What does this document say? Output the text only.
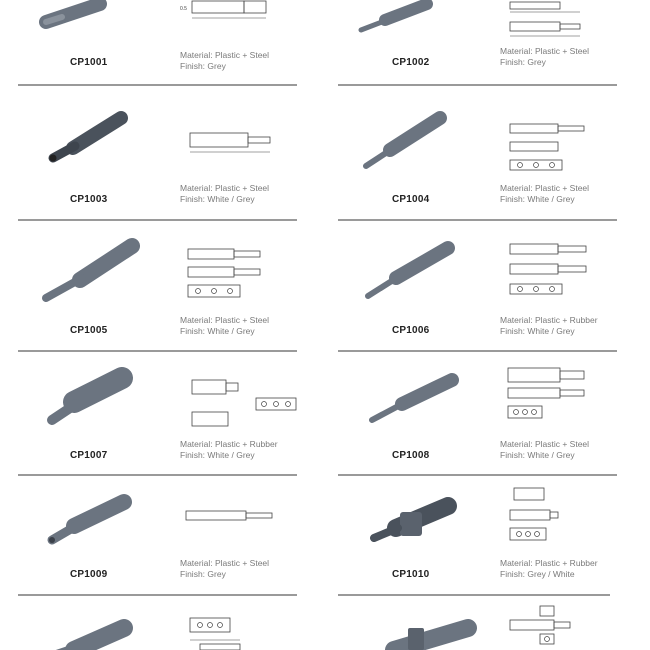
0.5
CP1001
Material: Plastic + Steel
Finish: Grey	CP1002
Material: Plastic + Steel
Finish: Grey
CP1003
Material: Plastic + Steel
Finish: White / Grey	CP1004
Material: Plastic + Steel
Finish: White / Grey
CP1005
Material: Plastic + Steel
Finish: White / Grey	CP1006
Material: Plastic + Rubber
Finish: White / Grey
CP1007
Material: Plastic + Rubber
Finish: White / Grey	CP1008
Material: Plastic + Steel
Finish: White / Grey
CP1009
Material: Plastic + Steel
Finish: Grey	CP1010
Material: Plastic + Rubber
Finish: Grey / White
